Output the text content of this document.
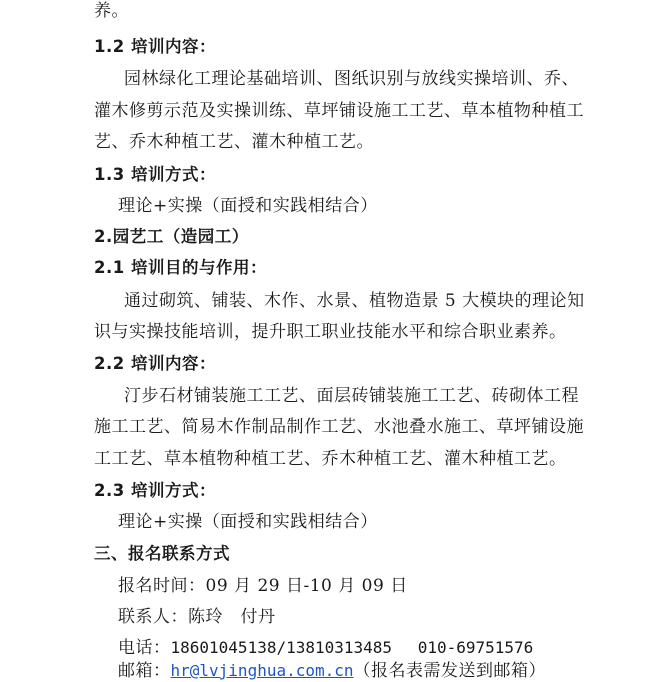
养。
1.2 培训内容：
园林绿化工理论基础培训、图纸识别与放线实操培训、乔、
灌木修剪示范及实操训练、草坪铺设施工工艺、草本植物种植工
艺、乔木种植工艺、灌木种植工艺。
1.3 培训方式：
理论+实操（面授和实践相结合）
2.园艺工（造园工）
2.1 培训目的与作用：
通过砌筑、铺装、木作、水景、植物造景 5 大模块的理论知
识与实操技能培训，提升职工职业技能水平和综合职业素养。
2.2 培训内容：
汀步石材铺装施工工艺、面层砖铺装施工工艺、砖砌体工程
施工工艺、简易木作制品制作工艺、水池叠水施工、草坪铺设施
工工艺、草本植物种植工艺、乔木种植工艺、灌木种植工艺。
2.3 培训方式：
理论+实操（面授和实践相结合）
三、报名联系方式
报名时间：09 月 29 日-10 月 09 日
联系人：陈玲　付丹
电话：18601045138/13810313485　 010-69751576
邮箱：hr@lvjinghua.com.cn（报名表需发送到邮箱）
